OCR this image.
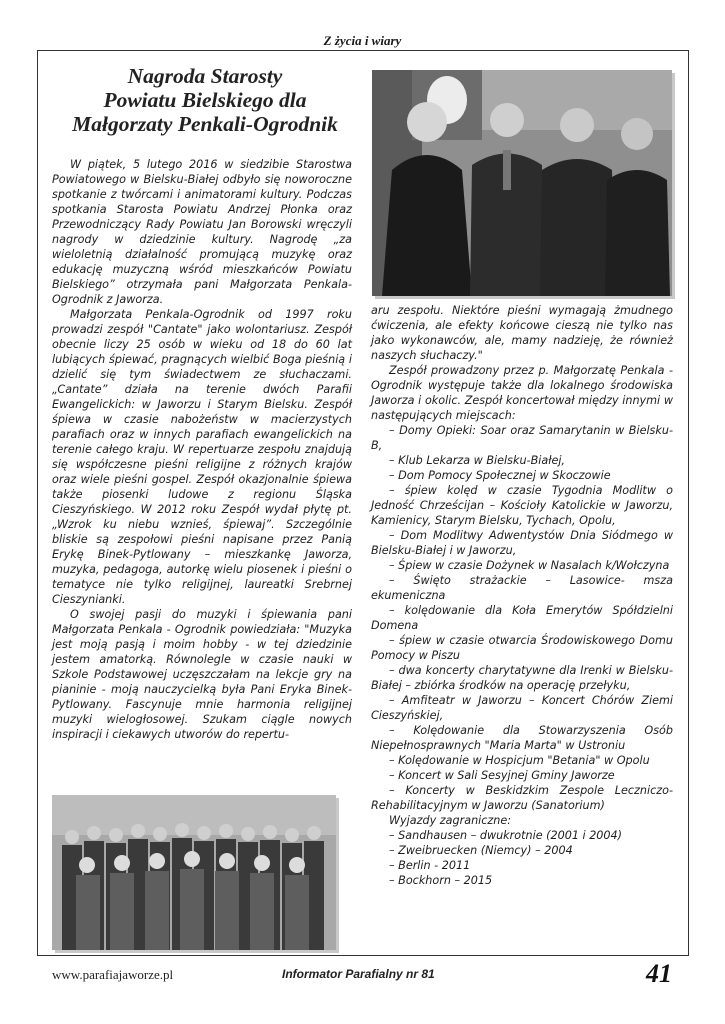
Z życia i wiary
Nagroda Starosty
Powiatu Bielskiego dla
Małgorzaty Penkali-Ogrodnik

W piątek, 5 lutego 2016 w siedzibie Starostwa Powiatowego w Bielsku-Białej odbyło się noworoczne spotkanie z twórcami i animatorami kultury. Podczas spotkania Starosta Powiatu Andrzej Płonka oraz Przewodniczący Rady Powiatu Jan Borowski wręczyli nagrody w dziedzinie kultury. Nagrodę „za wieloletnią działalność promującą muzykę oraz edukację muzyczną wśród mieszkańców Powiatu Bielskiego” otrzymała pani Małgorzata Penkala-Ogrodnik z Jaworza.

Małgorzata Penkala-Ogrodnik od 1997 roku prowadzi zespół "Cantate" jako wolontariusz. Zespół obecnie liczy 25 osób w wieku od 18 do 60 lat lubiących śpiewać, pragnących wielbić Boga pieśnią i dzielić się tym świadectwem ze słuchaczami. „Cantate” działa na terenie dwóch Parafii Ewangelickich: w Jaworzu i Starym Bielsku. Zespół śpiewa w czasie nabożeństw w macierzystych parafiach oraz w innych parafiach ewangelickich na terenie całego kraju. W repertuarze zespołu znajdują się współczesne pieśni religijne z różnych krajów oraz wiele pieśni gospel. Zespół okazjonalnie śpiewa także piosenki ludowe z regionu Śląska Cieszyńskiego. W 2012 roku Zespół wydał płytę pt. „Wzrok ku niebu wznieś, śpiewaj”. Szczególnie bliskie są zespołowi pieśni napisane przez Panią Erykę Binek-Pytlowany – mieszkankę Jaworza, muzyka, pedagoga, autorkę wielu piosenek i pieśni o tematyce nie tylko religijnej, laureatki Srebrnej Cieszynianki.

O swojej pasji do muzyki i śpiewania pani Małgorzata Penkala - Ogrodnik powiedziała: "Muzyka jest moją pasją i moim hobby - w tej dziedzinie jestem amatorką. Równolegle w czasie nauki w Szkole Podstawowej uczęszczałam na lekcje gry na pianinie - moją nauczycielką była Pani Eryka Binek-Pytlowany. Fascynuje mnie harmonia religijnej muzyki wielogłosowej. Szukam ciągle nowych inspiracji i ciekawych utworów do repertu-

aru zespołu. Niektóre pieśni wymagają żmudnego ćwiczenia, ale efekty końcowe cieszą nie tylko nas jako wykonawców, ale, mamy nadzieję, że również naszych słuchaczy."

Zespół prowadzony przez p. Małgorzatę Penkala - Ogrodnik występuje także dla lokalnego środowiska Jaworza i okolic. Zespół koncertował między innymi w następujących miejscach:

– Domy Opieki: Soar oraz Samarytanin w Bielsku-B,

– Klub Lekarza w Bielsku-Białej,

– Dom Pomocy Społecznej w Skoczowie

– śpiew kolęd w czasie Tygodnia Modlitw o Jedność Chrześcijan – Kościoły Katolickie w Jaworzu, Kamienicy, Starym Bielsku, Tychach, Opolu,

– Dom Modlitwy Adwentystów Dnia Siódmego w Bielsku-Białej i w Jaworzu,

– Śpiew w czasie Dożynek w Nasalach k/Wołczyna

– Święto strażackie – Lasowice- msza ekumeniczna

– kolędowanie dla Koła Emerytów Spółdzielni Domena

– śpiew w czasie otwarcia Środowiskowego Domu Pomocy w Piszu

– dwa koncerty charytatywne dla Irenki w Bielsku-Białej – zbiórka środków na operację przełyku,

– Amfiteatr w Jaworzu – Koncert Chórów Ziemi Cieszyńskiej,

– Kolędowanie dla Stowarzyszenia Osób Niepełnosprawnych "Maria Marta" w Ustroniu

– Kolędowanie w Hospicjum "Betania" w Opolu

– Koncert w Sali Sesyjnej Gminy Jaworze

– Koncerty w Beskidzkim Zespole Leczniczo-Rehabilitacyjnym w Jaworzu (Sanatorium)

Wyjazdy zagraniczne:

– Sandhausen – dwukrotnie (2001 i 2004)

– Zweibruecken (Niemcy) – 2004

– Berlin - 2011

– Bockhorn – 2015

www.parafiajaworze.pl	Informator Parafialny nr 81	41
